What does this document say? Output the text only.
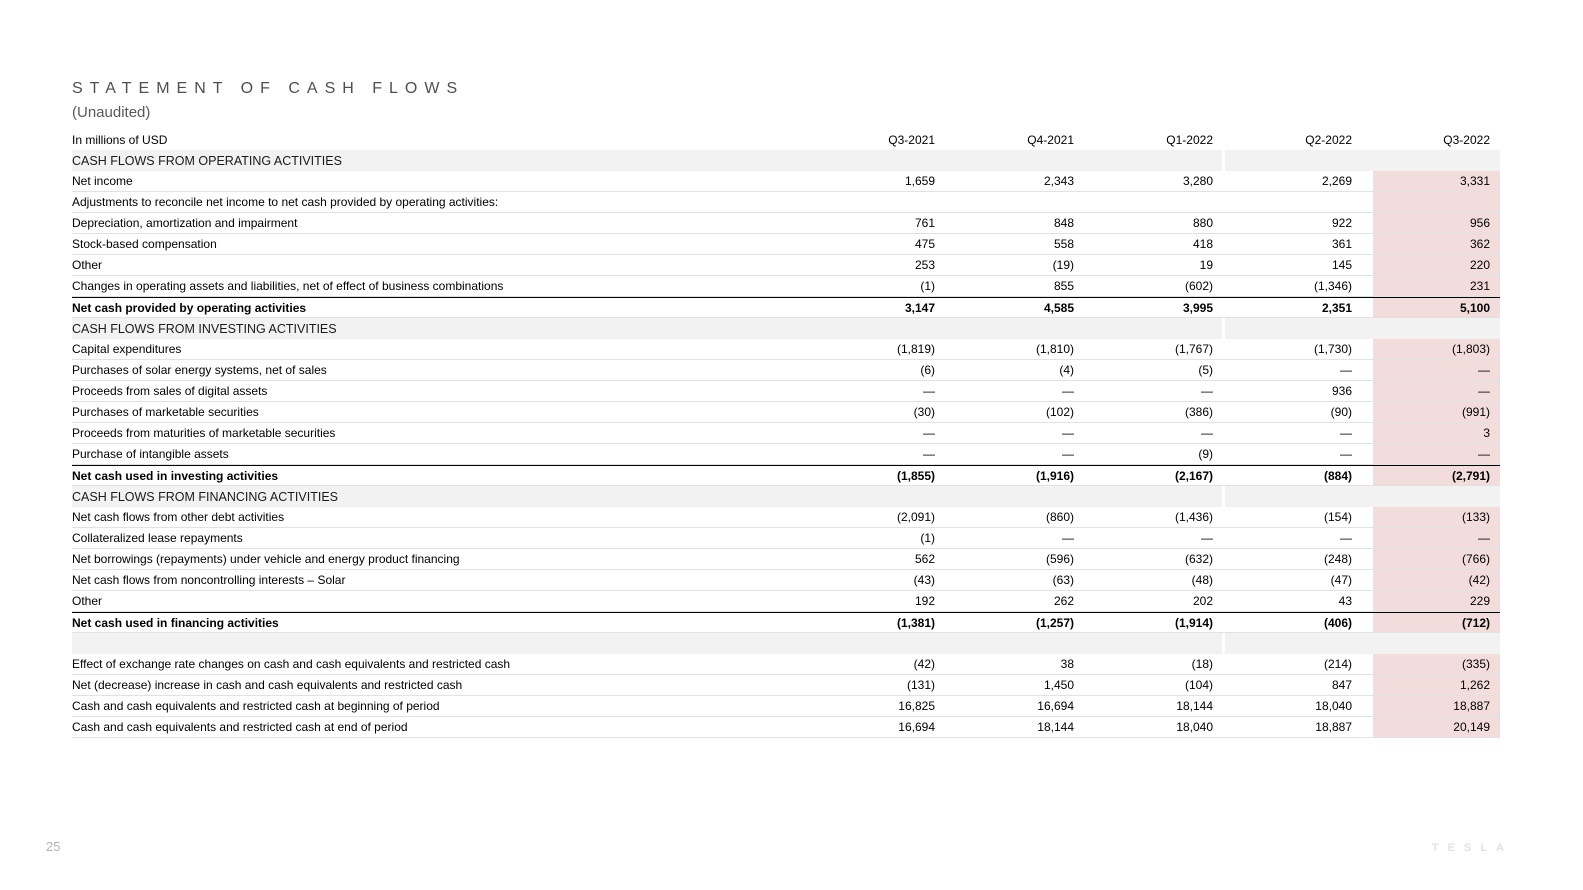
STATEMENT OF CASH FLOWS
(Unaudited)
In millions of USD	Q3-2021	Q4-2021	Q1-2022	Q2-2022	Q3-2022
CASH FLOWS FROM OPERATING ACTIVITIES
Net income	1,659	2,343	3,280	2,269	3,331
Adjustments to reconcile net income to net cash provided by operating activities:
Depreciation, amortization and impairment	761	848	880	922	956
Stock-based compensation	475	558	418	361	362
Other	253	(19)	19	145	220
Changes in operating assets and liabilities, net of effect of business combinations	(1)	855	(602)	(1,346)	231
Net cash provided by operating activities	3,147	4,585	3,995	2,351	5,100
CASH FLOWS FROM INVESTING ACTIVITIES
Capital expenditures	(1,819)	(1,810)	(1,767)	(1,730)	(1,803)
Purchases of solar energy systems, net of sales	(6)	(4)	(5)	—	—
Proceeds from sales of digital assets	—	—	—	936	—
Purchases of marketable securities	(30)	(102)	(386)	(90)	(991)
Proceeds from maturities of marketable securities	—	—	—	—	3
Purchase of intangible assets	—	—	(9)	—	—
Net cash used in investing activities	(1,855)	(1,916)	(2,167)	(884)	(2,791)
CASH FLOWS FROM FINANCING ACTIVITIES
Net cash flows from other debt activities	(2,091)	(860)	(1,436)	(154)	(133)
Collateralized lease repayments	(1)	—	—	—	—
Net borrowings (repayments) under vehicle and energy product financing	562	(596)	(632)	(248)	(766)
Net cash flows from noncontrolling interests – Solar	(43)	(63)	(48)	(47)	(42)
Other	192	262	202	43	229
Net cash used in financing activities	(1,381)	(1,257)	(1,914)	(406)	(712)
Effect of exchange rate changes on cash and cash equivalents and restricted cash	(42)	38	(18)	(214)	(335)
Net (decrease) increase in cash and cash equivalents and restricted cash	(131)	1,450	(104)	847	1,262
Cash and cash equivalents and restricted cash at beginning of period	16,825	16,694	18,144	18,040	18,887
Cash and cash equivalents and restricted cash at end of period	16,694	18,144	18,040	18,887	20,149
25	TESLA
